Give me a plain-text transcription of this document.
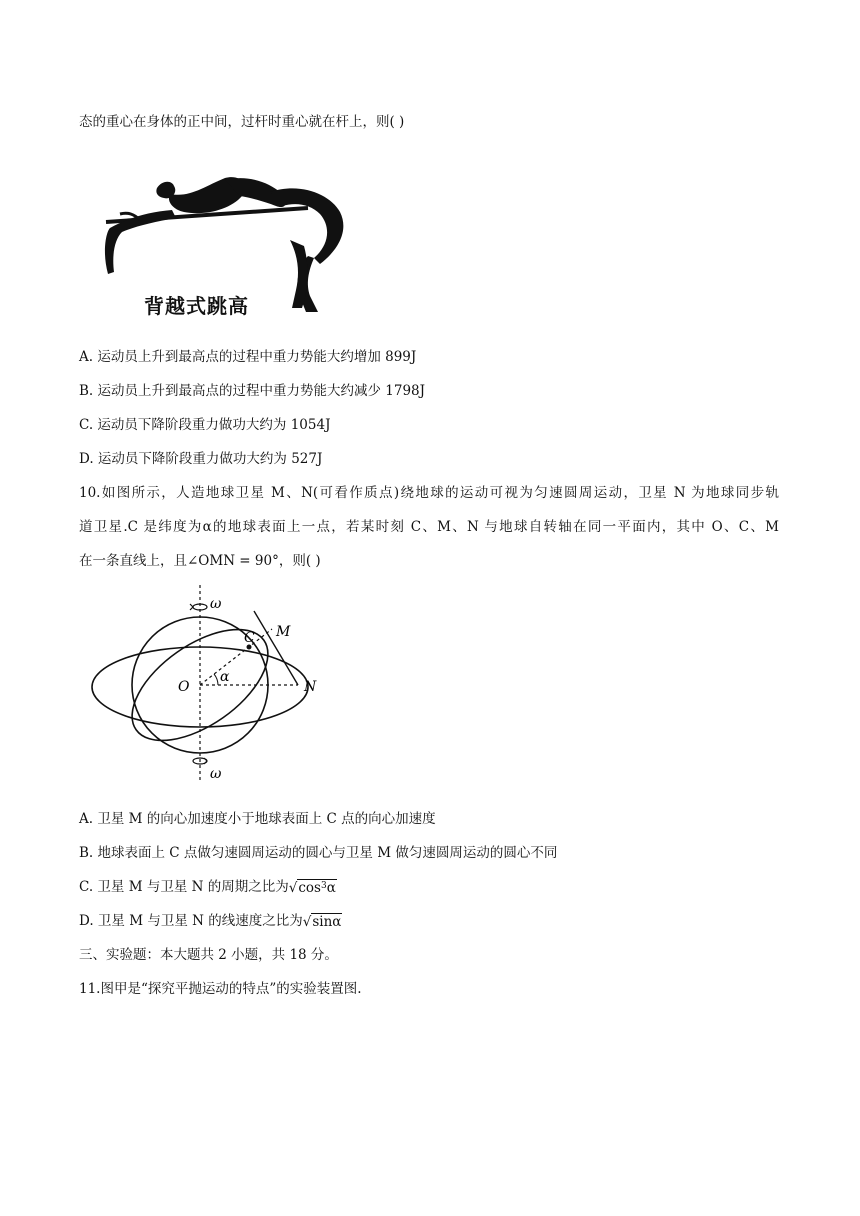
态的重心在身体的正中间，过杆时重心就在杆上，则( )
背越式跳高
A. 运动员上升到最高点的过程中重力势能大约增加 899J
B. 运动员上升到最高点的过程中重力势能大约减少 1798J
C. 运动员下降阶段重力做功大约为 1054J
D. 运动员下降阶段重力做功大约为 527J
10.如图所示，人造地球卫星 M、N(可看作质点)绕地球的运动可视为匀速圆周运动，卫星 N 为地球同步轨
道卫星.C 是纬度为α的地球表面上一点，若某时刻 C、M、N 与地球自转轴在同一平面内，其中 O、C、M
在一条直线上，且∠OMN = 90°，则( )
ω
ω
C M
O	N
α
A. 卫星 M 的向心加速度小于地球表面上 C 点的向心加速度
B. 地球表面上 C 点做匀速圆周运动的圆心与卫星 M 做匀速圆周运动的圆心不同
C. 卫星 M 与卫星 N 的周期之比为$√\cos^3\alpha$
D. 卫星 M 与卫星 N 的线速度之比为√sinα
三、实验题：本大题共 2 小题，共 18 分。
11.图甲是“探究平抛运动的特点”的实验装置图.
